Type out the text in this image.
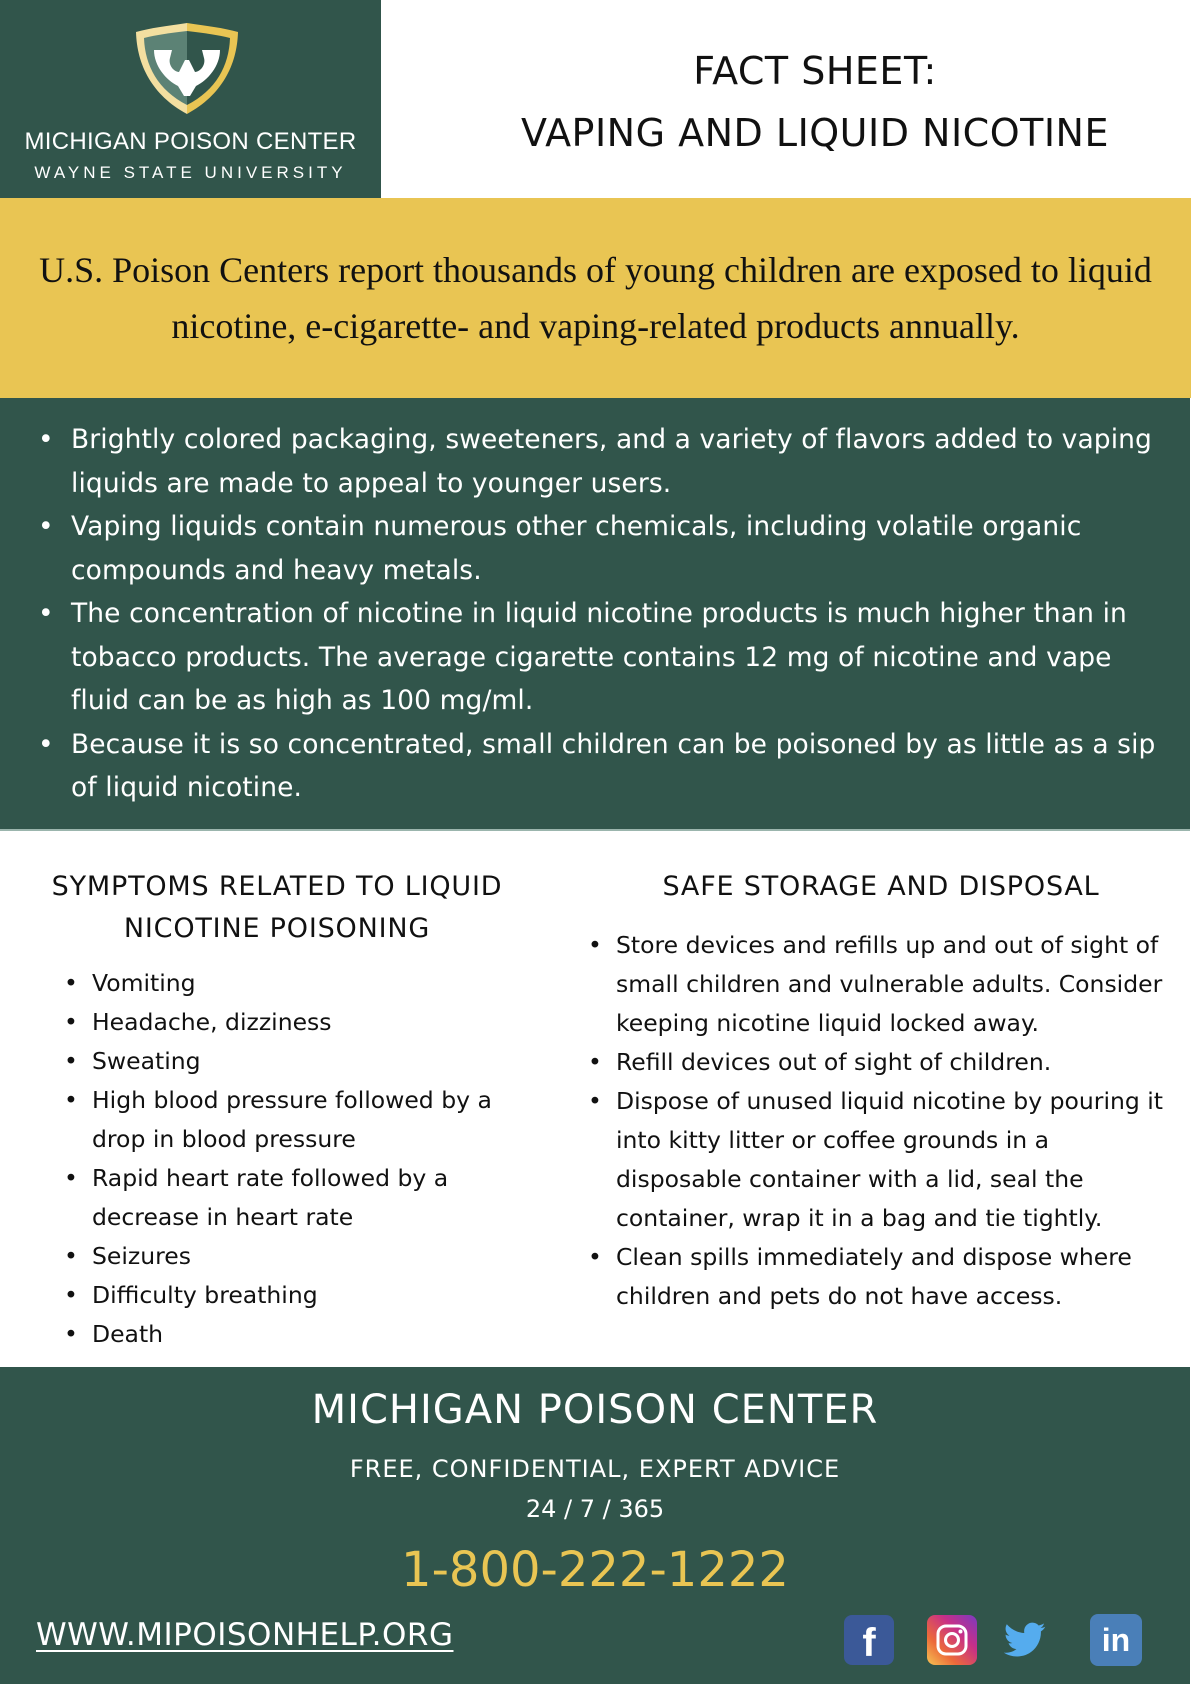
MICHIGAN POISON CENTER
WAYNE STATE UNIVERSITY
FACT SHEET:
VAPING AND LIQUID NICOTINE
U.S. Poison Centers report thousands of young children are exposed to liquid nicotine, e-cigarette- and vaping-related products annually.
• Brightly colored packaging, sweeteners, and a variety of flavors added to vaping liquids are made to appeal to younger users.
• Vaping liquids contain numerous other chemicals, including volatile organic compounds and heavy metals.
• The concentration of nicotine in liquid nicotine products is much higher than in tobacco products. The average cigarette contains 12 mg of nicotine and vape fluid can be as high as 100 mg/ml.
• Because it is so concentrated, small children can be poisoned by as little as a sip of liquid nicotine.
SYMPTOMS RELATED TO LIQUID NICOTINE POISONING
• Vomiting
• Headache, dizziness
• Sweating
• High blood pressure followed by a drop in blood pressure
• Rapid heart rate followed by a decrease in heart rate
• Seizures
• Difficulty breathing
• Death
SAFE STORAGE AND DISPOSAL
• Store devices and refills up and out of sight of small children and vulnerable adults. Consider keeping nicotine liquid locked away.
• Refill devices out of sight of children.
• Dispose of unused liquid nicotine by pouring it into kitty litter or coffee grounds in a disposable container with a lid, seal the container, wrap it in a bag and tie tightly.
• Clean spills immediately and dispose where children and pets do not have access.
MICHIGAN POISON CENTER
FREE, CONFIDENTIAL, EXPERT ADVICE
24 / 7 / 365
1-800-222-1222
WWW.MIPOISONHELP.ORG	f	in
